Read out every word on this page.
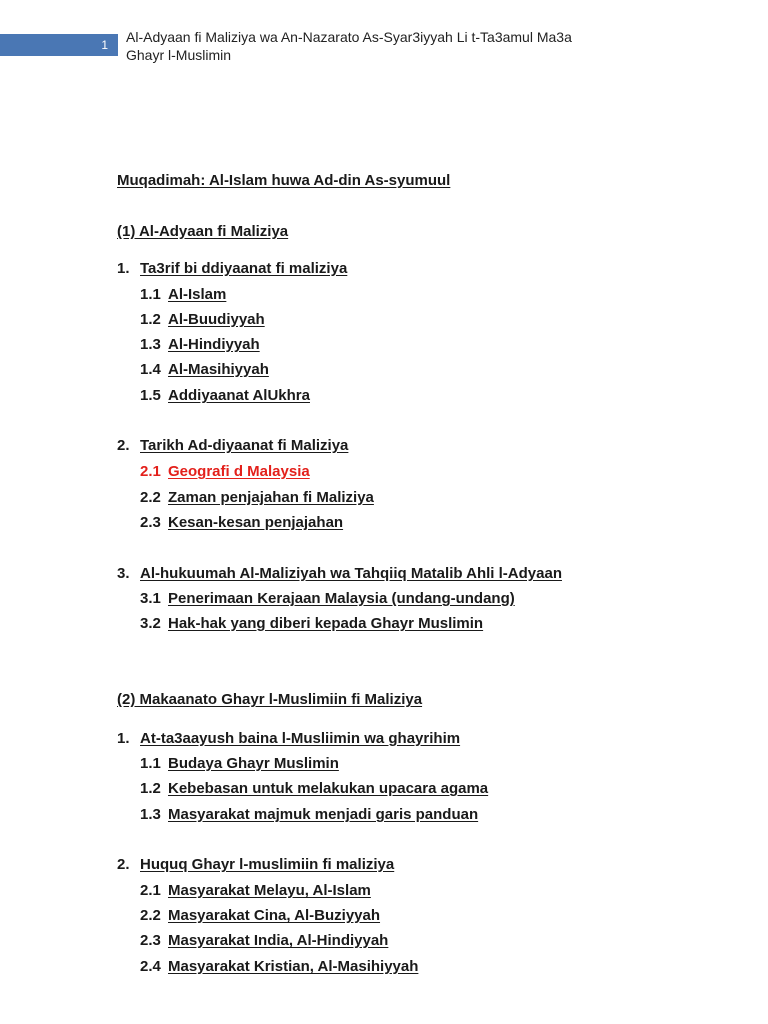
1 Al-Adyaan fi Maliziya wa An-Nazarato As-Syar3iyyah Li t-Ta3amul Ma3a Ghayr l-Muslimin
Muqadimah: Al-Islam huwa Ad-din As-syumuul
(1) Al-Adyaan fi Maliziya
1. Ta3rif bi ddiyaanat fi maliziya
1.1 Al-Islam
1.2 Al-Buudiyyah
1.3 Al-Hindiyyah
1.4 Al-Masihiyyah
1.5 Addiyaanat AlUkhra
2. Tarikh Ad-diyaanat fi Maliziya
2.1 Geografi d Malaysia
2.2 Zaman penjajahan fi Maliziya
2.3 Kesan-kesan penjajahan
3. Al-hukuumah Al-Maliziyah wa Tahqiiq Matalib Ahli l-Adyaan
3.1 Penerimaan Kerajaan Malaysia (undang-undang)
3.2 Hak-hak yang diberi kepada Ghayr Muslimin
(2) Makaanato Ghayr l-Muslimiin fi Maliziya
1. At-ta3aayush baina l-Musliimin wa ghayrihim
1.1 Budaya Ghayr Muslimin
1.2 Kebebasan untuk melakukan upacara agama
1.3 Masyarakat majmuk menjadi garis panduan
2. Huquq Ghayr l-muslimiin fi maliziya
2.1 Masyarakat Melayu, Al-Islam
2.2 Masyarakat Cina, Al-Buziyyah
2.3 Masyarakat India, Al-Hindiyyah
2.4 Masyarakat Kristian, Al-Masihiyyah
